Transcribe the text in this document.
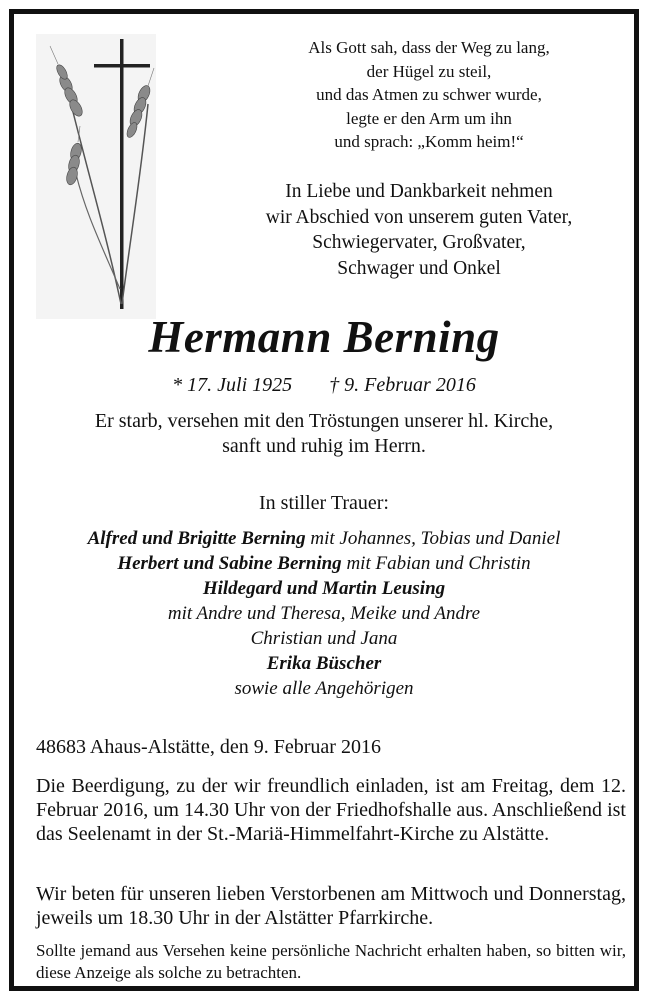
Als Gott sah, dass der Weg zu lang,
der Hügel zu steil,
und das Atmen zu schwer wurde,
legte er den Arm um ihn
und sprach: „Komm heim!“
In Liebe und Dankbarkeit nehmen
wir Abschied von unserem guten Vater,
Schwiegervater, Großvater,
Schwager und Onkel
Hermann Berning
* 17. Juli 1925 † 9. Februar 2016
Er starb, versehen mit den Tröstungen unserer hl. Kirche,
sanft und ruhig im Herrn.
In stiller Trauer:
Alfred und Brigitte Berning mit Johannes, Tobias und Daniel
Herbert und Sabine Berning mit Fabian und Christin
Hildegard und Martin Leusing
mit Andre und Theresa, Meike und Andre
Christian und Jana
Erika Büscher
sowie alle Angehörigen
48683 Ahaus-Alstätte, den 9. Februar 2016
Die Beerdigung, zu der wir freundlich einladen, ist am Freitag, dem 12. Februar 2016, um 14.30 Uhr von der Friedhofshalle aus. Anschließend ist das Seelenamt in der St.-Mariä-Himmelfahrt-Kirche zu Alstätte.
Wir beten für unseren lieben Verstorbenen am Mittwoch und Donnerstag, jeweils um 18.30 Uhr in der Alstätter Pfarrkirche.
Sollte jemand aus Versehen keine persönliche Nachricht erhalten haben, so bitten wir, diese Anzeige als solche zu betrachten.
